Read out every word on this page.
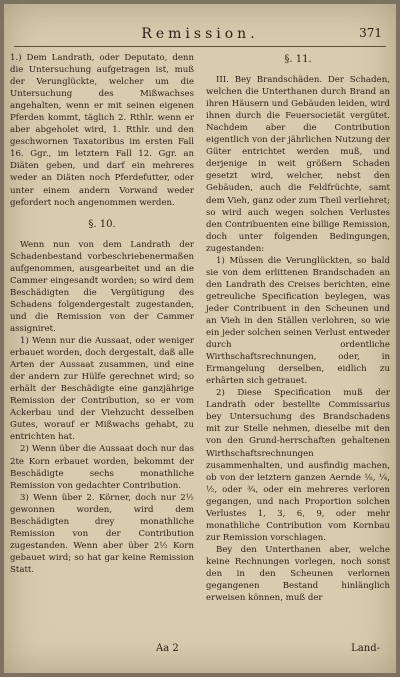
Remission.	371

1.) Dem Landrath, oder Deputato, denn die Untersuchung aufgetragen ist, muß der Verunglückte, welcher um die Untersuchung des Mißwachses angehalten, wenn er mit seinen eigenen Pferden kommt, täglich 2. Rthlr. wenn er aber abgeholet wird, 1. Rthlr. und den geschwornen Taxatoribus im ersten Fall 16. Ggr., im letztern Fall 12. Ggr. an Diäten geben, und darf ein mehreres weder an Diäten noch Pferdefutter, oder unter einem andern Vorwand weder gefordert noch angenommen werden.

§. 10.

Wenn nun von dem Landrath der Schadenbestand vorbeschriebenermaßen aufgenommen, ausgearbeitet und an die Cammer eingesandt worden; so wird dem Beschädigten die Vergütigung des Schadens folgendergestalt zugestanden, und die Remission von der Cammer assigniret.

1) Wenn nur die Aussaat, oder weniger erbauet worden, doch dergestalt, daß alle Arten der Aussaat zusammen, und eine der andern zur Hülfe gerechnet wird; so erhält der Beschädigte eine ganzjährige Remission der Contribution, so er vom Ackerbau und der Viehzucht desselben Gutes, worauf er Mißwachs gehabt, zu entrichten hat.

2) Wenn über die Aussaat doch nur das 2te Korn erbauet worden, bekommt der Beschädigte sechs monathliche Remission von gedachter Contribution.

3) Wenn über 2. Körner, doch nur 2½ gewonnen worden, wird dem Beschädigten drey monathliche Remission von der Contribution zugestanden. Wenn aber über 2½ Korn gebauet wird; so hat gar keine Remission Statt.

§. 11.

III. Bey Brandschäden. Der Schaden, welchen die Unterthanen durch Brand an ihren Häusern und Gebäuden leiden, wird ihnen durch die Feuersocietät vergütet. Nachdem aber die Contribution eigentlich von der jährlichen Nutzung der Güter entrichtet werden muß, und derjenige in weit größern Schaden gesetzt wird, welcher, nebst den Gebäuden, auch die Feldfrüchte, samt dem Vieh, ganz oder zum Theil verliehret; so wird auch wegen solchen Verlustes den Contribuenten eine billige Remission, doch unter folgenden Bedingungen, zugestanden:

1) Müssen die Verunglückten, so bald sie von dem erlittenen Brandschaden an den Landrath des Creises berichten, eine getreuliche Specification beylegen, was jeder Contribuent in den Scheunen und an Vieh in den Ställen verlohren, so wie ein jeder solchen seinen Verlust entweder durch ordentliche Wirthschaftsrechnungen, oder, in Ermangelung derselben, eidlich zu erhärten sich getrauet.

2) Diese Specification muß der Landrath oder bestellte Commissarius bey Untersuchung des Brandschadens mit zur Stelle nehmen, dieselbe mit den von den Grund-herrschaften gehaltenen Wirthschaftsrechnungen zusammenhalten, und ausfindig machen, ob von der letztern ganzen Aernde ⅛, ¼, ½, oder ¾, oder ein mehreres verloren gegangen, und nach Proportion solchen Verlustes 1, 3, 6, 9, oder mehr monathliche Contribution vom Kornbau zur Remission vorschlagen.

Bey den Unterthanen aber, welche keine Rechnungen vorlegen, noch sonst den in den Scheunen verlornen gegangenen Bestand hinlänglich erweisen können, muß der

Aa 2	Land-
